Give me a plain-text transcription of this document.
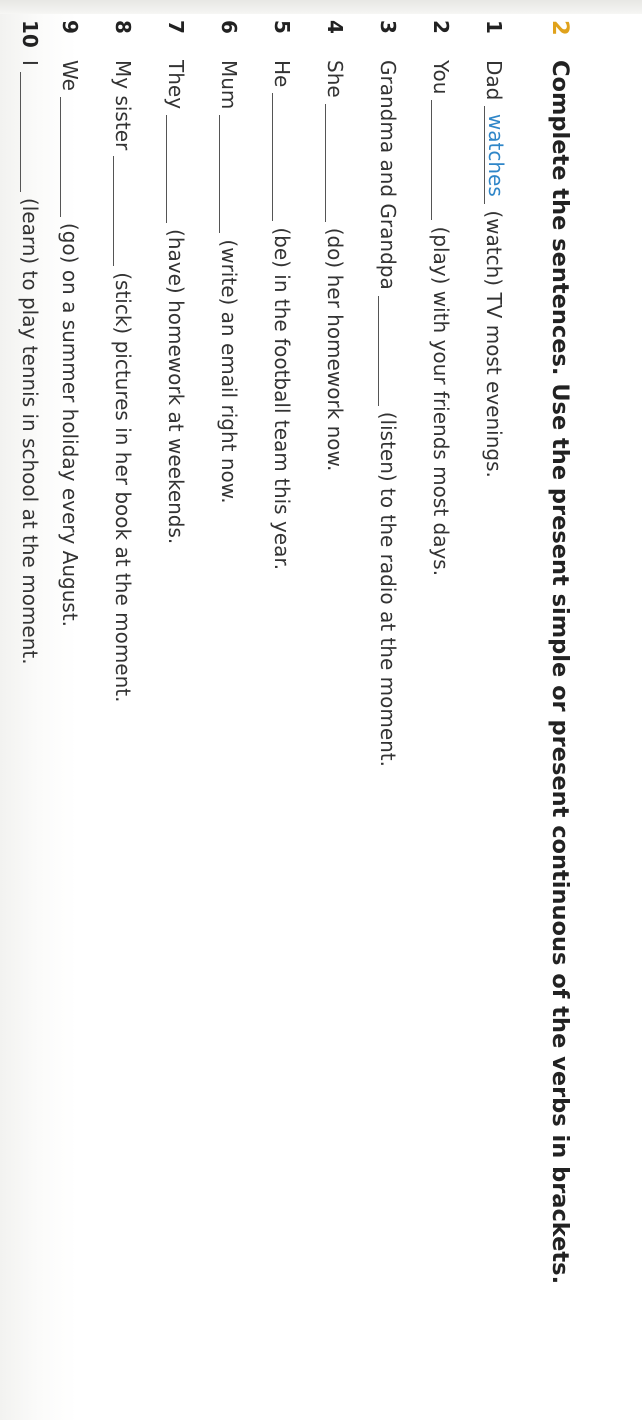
2
Complete the sentences. Use the present simple or present continuous of the verbs in brackets.
1
Dad
watches
(watch) TV most evenings.
2
You
(play) with your friends most days.
3
Grandma and Grandpa
(listen) to the radio at the moment.
4
She
(do) her homework now.
5
He
(be) in the football team this year.
6
Mum
(write) an email right now.
7
They
(have) homework at weekends.
8
My sister
(stick) pictures in her book at the moment.
9
We
(go) on a summer holiday every August.
10
I
(learn) to play tennis in school at the moment.
